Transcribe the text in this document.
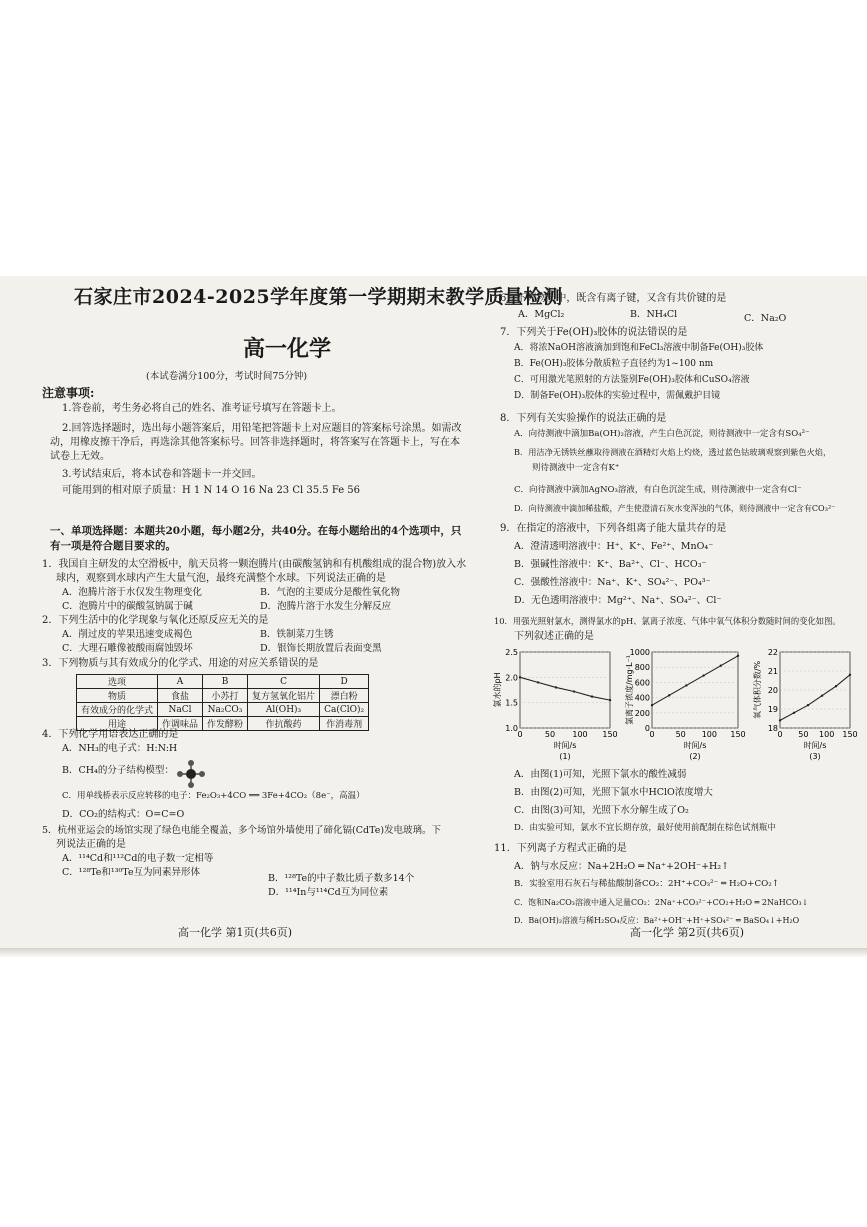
石家庄市2024-2025学年度第一学期期末教学质量检测
高一化学
(本试卷满分100分，考试时间75分钟)
注意事项:
1.答卷前，考生务必将自己的姓名、准考证号填写在答题卡上。
2.回答选择题时，选出每小题答案后，用铅笔把答题卡上对应题目的答案标号涂黑。如需改动，用橡皮擦干净后，再选涂其他答案标号。回答非选择题时，将答案写在答题卡上，写在本试卷上无效。
3.考试结束后，将本试卷和答题卡一并交回。
可能用到的相对原子质量：H 1 N 14 O 16 Na 23 Cl 35.5 Fe 56
一、单项选择题：本题共20小题，每小题2分，共40分。在每小题给出的4个选项中，只有一项是符合题目要求的。
1．我国自主研发的太空滑板中，航天员将一颗泡腾片(由碳酸氢钠和有机酸组成的混合物)放入水
球内，观察到水球内产生大量气泡，最终充满整个水球。下列说法正确的是
A．泡腾片溶于水仅发生物理变化	B．气泡的主要成分是酸性氧化物
C．泡腾片中的碳酸氢钠属于碱	D．泡腾片溶于水发生分解反应
2．下列生活中的化学现象与氧化还原反应无关的是
A．削过皮的苹果迅速变成褐色	B．铁制菜刀生锈
C．大理石雕像被酸雨腐蚀毁坏	D．银饰长期放置后表面变黑
3．下列物质与其有效成分的化学式、用途的对应关系错误的是
选项	A	B	C	D
物质	食盐	小苏打	复方氢氧化铝片	漂白粉
有效成分的化学式	NaCl	Na₂CO₃	Al(OH)₃	Ca(ClO)₂
用途	作调味品	作发酵粉	作抗酸药	作消毒剂
4．下列化学用语表达正确的是
A．NH₃的电子式：H:N:H
B．CH₄的分子结构模型：
C．用单线桥表示反应转移的电子：Fe₂O₃+4CO ══ 3Fe+4CO₂（8e⁻，高温）
D．CO₂的结构式：O=C=O
5．杭州亚运会的场馆实现了绿色电能全覆盖，多个场馆外墙使用了碲化镉(CdTe)发电玻璃。下
列说法正确的是
A．¹¹⁴Cd和¹¹²Cd的电子数一定相等
C．¹²⁸Te和¹³⁰Te互为同素异形体
B．¹²⁸Te的中子数比质子数多14个
D．¹¹⁴In与¹¹⁴Cd互为同位素
高一化学 第1页(共6页)
6．下列物质中，既含有离子键，又含有共价键的是
A．MgCl₂	B．NH₄Cl	C．Na₂O
7．下列关于Fe(OH)₃胶体的说法错误的是
A．将浓NaOH溶液滴加到饱和FeCl₃溶液中制备Fe(OH)₃胶体
B．Fe(OH)₃胶体分散质粒子直径约为1~100 nm
C．可用激光笔照射的方法鉴别Fe(OH)₃胶体和CuSO₄溶液
D．制备Fe(OH)₃胶体的实验过程中，需佩戴护目镜
8．下列有关实验操作的说法正确的是
A．向待测液中滴加Ba(OH)₂溶液，产生白色沉淀，则待测液中一定含有SO₄²⁻
B．用洁净无锈铁丝蘸取待测液在酒精灯火焰上灼烧，透过蓝色钴玻璃观察到紫色火焰，
则待测液中一定含有K⁺
C．向待测液中滴加AgNO₃溶液，有白色沉淀生成，则待测液中一定含有Cl⁻
D．向待测液中滴加稀盐酸，产生使澄清石灰水变浑浊的气体，则待测液中一定含有CO₃²⁻
9．在指定的溶液中，下列各组离子能大量共存的是
A．澄清透明溶液中：H⁺、K⁺、Fe²⁺、MnO₄⁻
B．强碱性溶液中：K⁺、Ba²⁺、Cl⁻、HCO₃⁻
C．强酸性溶液中：Na⁺、K⁺、SO₄²⁻、PO₄³⁻
D．无色透明溶液中：Mg²⁺、Na⁺、SO₄²⁻、Cl⁻
10．用强光照射氯水，测得氯水的pH、氯离子浓度、气体中氧气体积分数随时间的变化如图。
下列叙述正确的是
1.0
1.5
2.0
2.5
0	50 100 150
氯水的pH
时间/s
(1)
0
200
400
600
800
1000
0	50 100 150
氯离子浓度/mg·L⁻¹
时间/s
(2)
18
19
20
21
22
0 50 100 150
氧气体积分数/%
时间/s
(3)
A．由图(1)可知，光照下氯水的酸性减弱
B．由图(2)可知，光照下氯水中HClO浓度增大
C．由图(3)可知，光照下水分解生成了O₂
D．由实验可知，氯水不宜长期存放，最好使用前配制在棕色试剂瓶中
11．下列离子方程式正确的是
A．钠与水反应：Na+2H₂O ═ Na⁺+2OH⁻+H₂↑
B．实验室用石灰石与稀盐酸制备CO₂：2H⁺+CO₃²⁻ ═ H₂O+CO₂↑
C．饱和Na₂CO₃溶液中通入足量CO₂：2Na⁺+CO₃²⁻+CO₂+H₂O ═ 2NaHCO₃↓
D．Ba(OH)₂溶液与稀H₂SO₄反应：Ba²⁺+OH⁻+H⁺+SO₄²⁻ ═ BaSO₄↓+H₂O
高一化学 第2页(共6页)
